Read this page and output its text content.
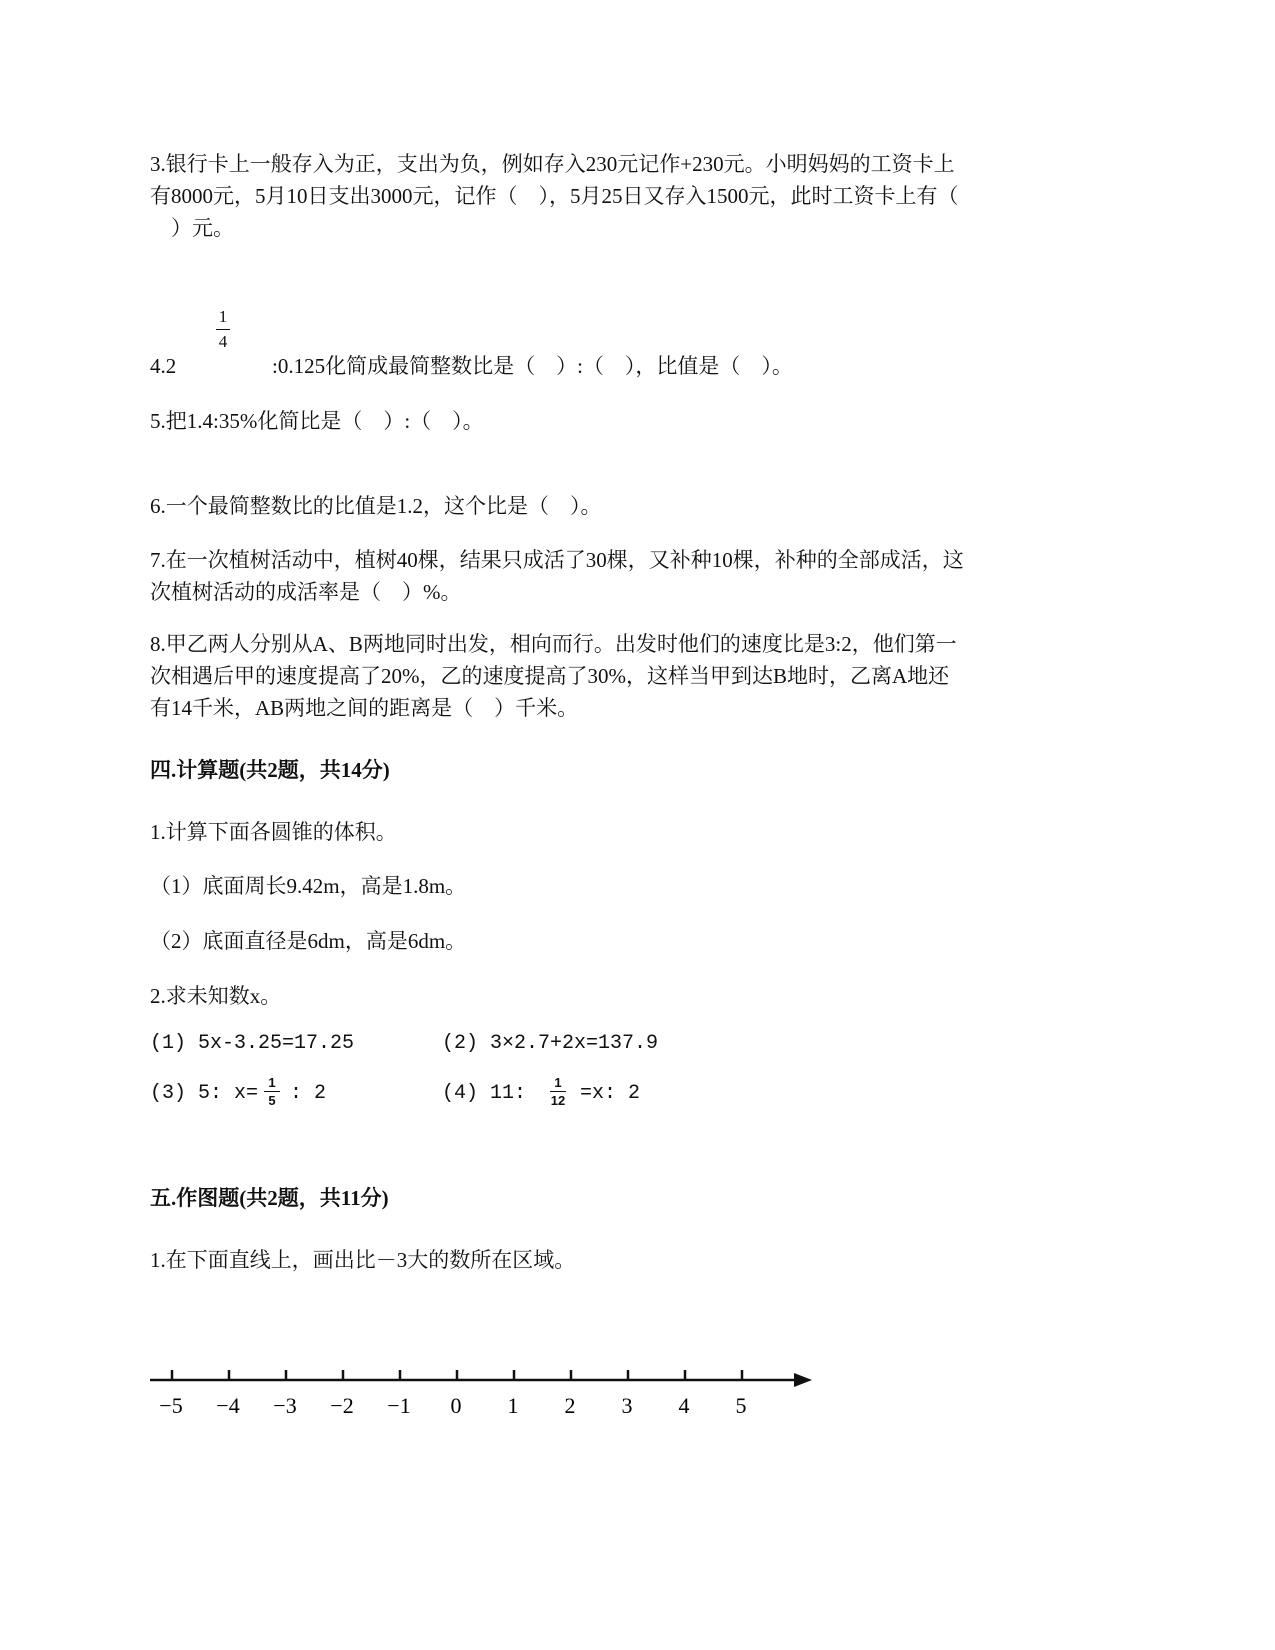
3.银行卡上一般存入为正，支出为负，例如存入230元记作+230元。小明妈妈的工资卡上

有8000元，5月10日支出3000元，记作（　），5月25日又存入1500元，此时工资卡上有（

　）元。

4.2
1
4
:0.125化简成最简整数比是（　）:（　），比值是（　）。

5.把1.4:35%化简比是（　）:（　）。

6.一个最简整数比的比值是1.2，这个比是（　）。

7.在一次植树活动中，植树40棵，结果只成活了30棵，又补种10棵，补种的全部成活，这

次植树活动的成活率是（　）%。

8.甲乙两人分别从A、B两地同时出发，相向而行。出发时他们的速度比是3:2，他们第一

次相遇后甲的速度提高了20%，乙的速度提高了30%，这样当甲到达B地时，乙离A地还

有14千米，AB两地之间的距离是（　）千米。

四.计算题(共2题，共14分)

1.计算下面各圆锥的体积。

（1）底面周长9.42m，高是1.8m。

（2）底面直径是6dm，高是6dm。

2.求未知数x。

(1) 5x-3.25=17.25	(2) 3×2.7+2x=137.9
(3) 5: x= 1
5 : 2	(4) 11: 1
12 =x: 2

五.作图题(共2题，共11分)

1.在下面直线上，画出比－3大的数所在区域。

−5 −4 −3 −2 −1 0 1 2 3 4 5
